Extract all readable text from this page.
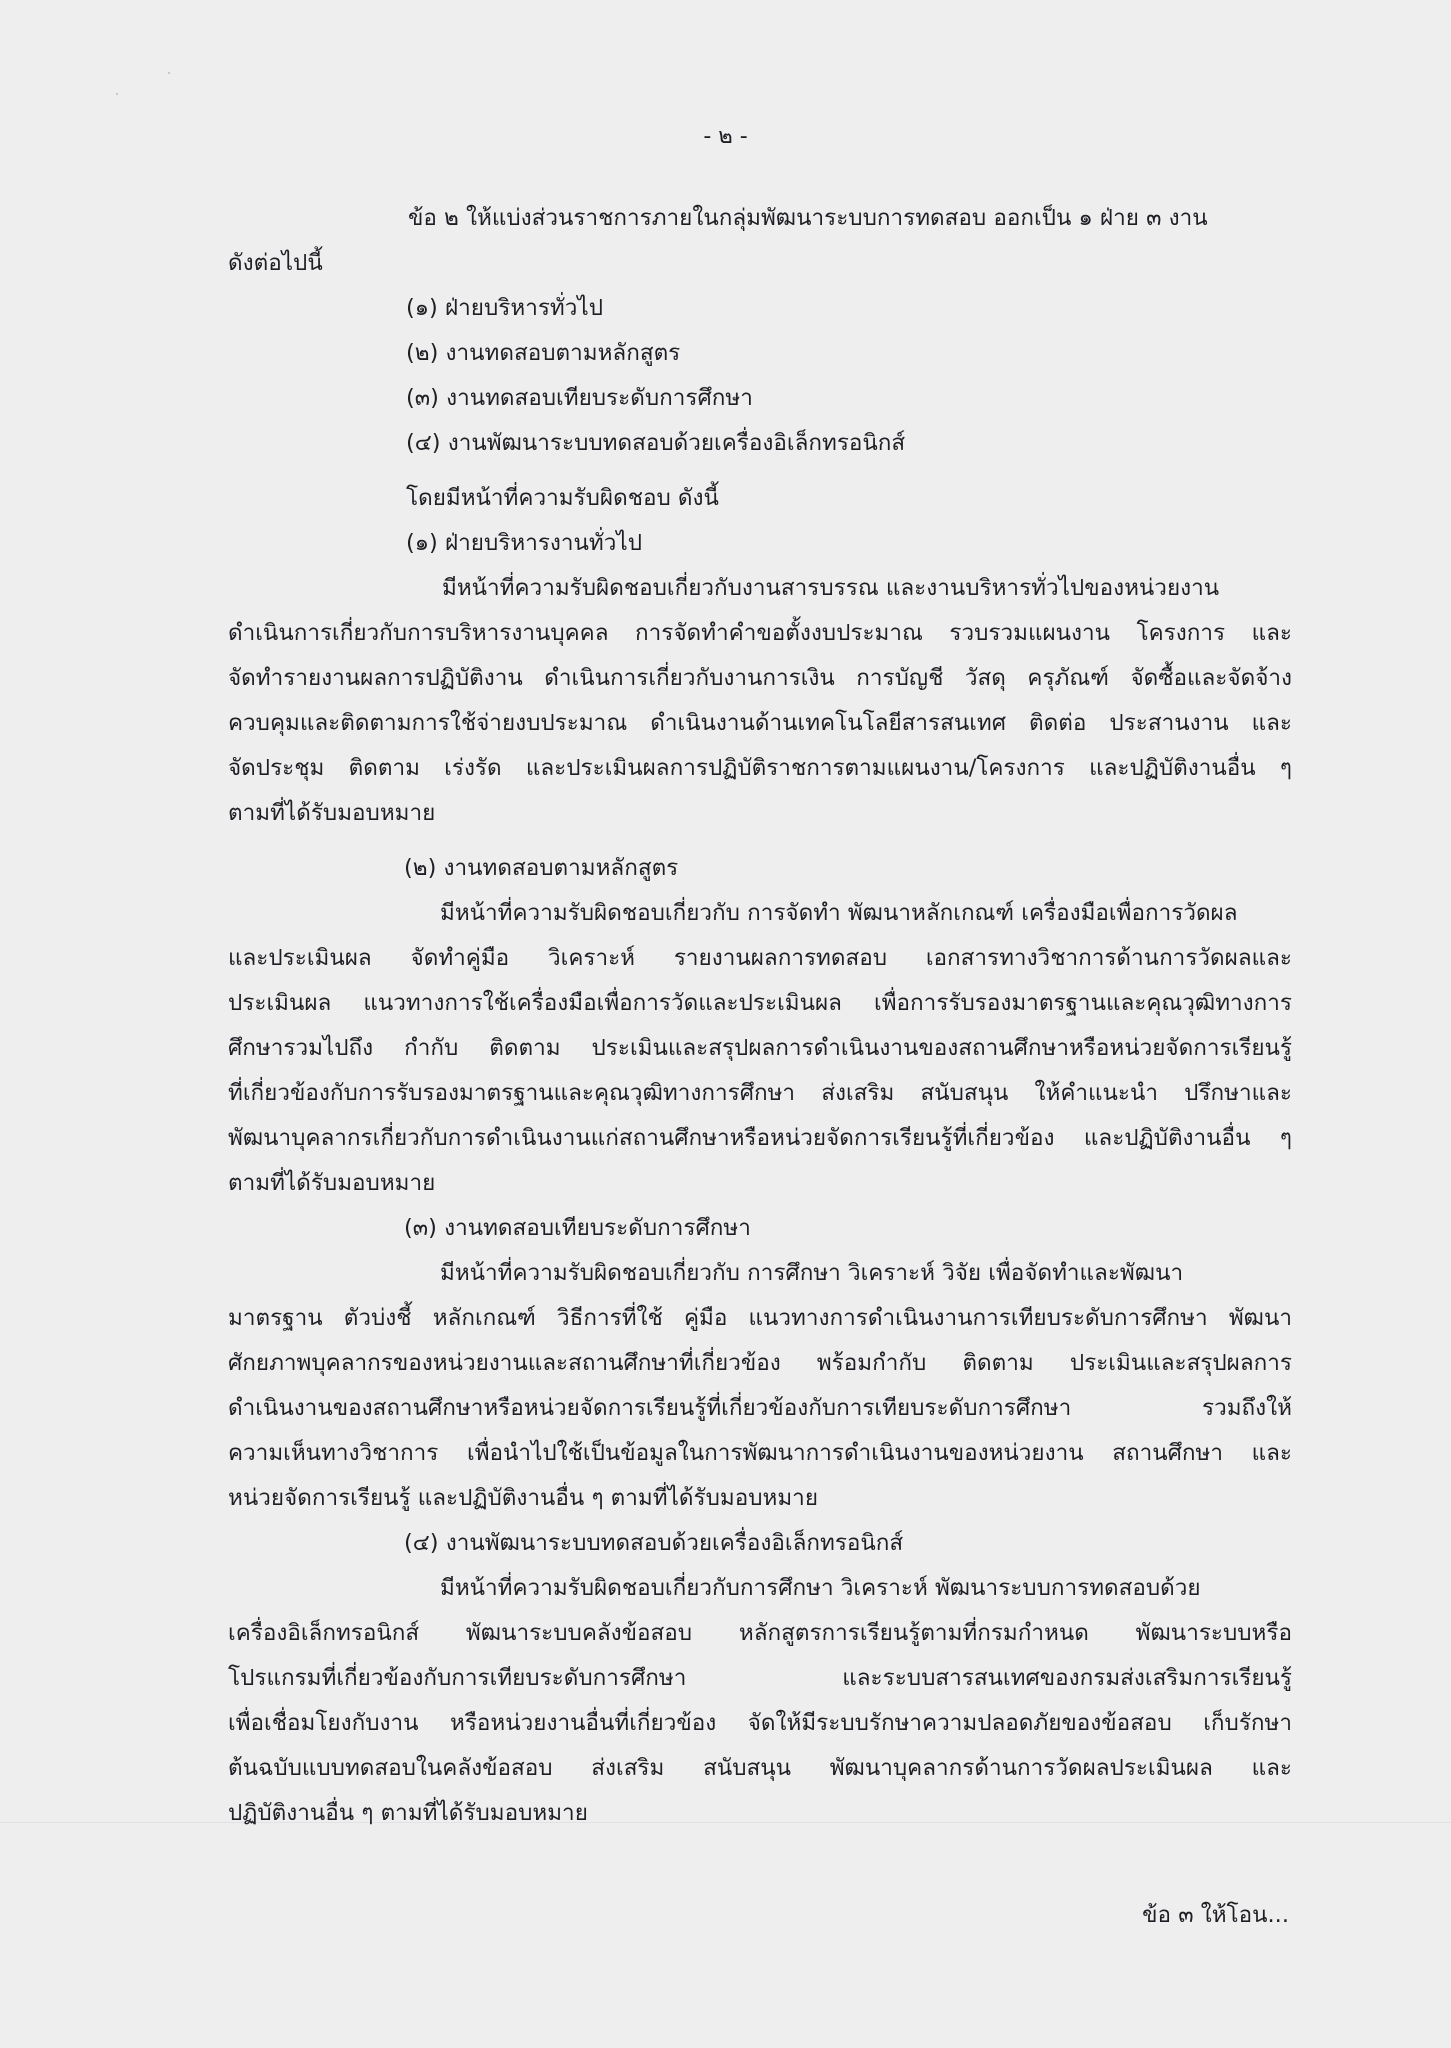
- ๒ -
ข้อ ๒ ให้แบ่งส่วนราชการภายในกลุ่มพัฒนาระบบการทดสอบ ออกเป็น ๑ ฝ่าย ๓ งาน
ดังต่อไปนี้
(๑) ฝ่ายบริหารทั่วไป
(๒) งานทดสอบตามหลักสูตร
(๓) งานทดสอบเทียบระดับการศึกษา
(๔) งานพัฒนาระบบทดสอบด้วยเครื่องอิเล็กทรอนิกส์
โดยมีหน้าที่ความรับผิดชอบ ดังนี้
(๑) ฝ่ายบริหารงานทั่วไป
มีหน้าที่ความรับผิดชอบเกี่ยวกับงานสารบรรณ และงานบริหารทั่วไปของหน่วยงาน
ดำเนินการเกี่ยวกับการบริหารงานบุคคล การจัดทำคำขอตั้งงบประมาณ รวบรวมแผนงาน โครงการ และ
จัดทำรายงานผลการปฏิบัติงาน ดำเนินการเกี่ยวกับงานการเงิน การบัญชี วัสดุ ครุภัณฑ์ จัดซื้อและจัดจ้าง
ควบคุมและติดตามการใช้จ่ายงบประมาณ ดำเนินงานด้านเทคโนโลยีสารสนเทศ ติดต่อ ประสานงาน และ
จัดประชุม ติดตาม เร่งรัด และประเมินผลการปฏิบัติราชการตามแผนงาน/โครงการ และปฏิบัติงานอื่น ๆ
ตามที่ได้รับมอบหมาย
(๒) งานทดสอบตามหลักสูตร
มีหน้าที่ความรับผิดชอบเกี่ยวกับ การจัดทำ พัฒนาหลักเกณฑ์ เครื่องมือเพื่อการวัดผล
และประเมินผล จัดทำคู่มือ วิเคราะห์ รายงานผลการทดสอบ เอกสารทางวิชาการด้านการวัดผลและ
ประเมินผล แนวทางการใช้เครื่องมือเพื่อการวัดและประเมินผล เพื่อการรับรองมาตรฐานและคุณวุฒิทางการ
ศึกษารวมไปถึง กำกับ ติดตาม ประเมินและสรุปผลการดำเนินงานของสถานศึกษาหรือหน่วยจัดการเรียนรู้
ที่เกี่ยวข้องกับการรับรองมาตรฐานและคุณวุฒิทางการศึกษา ส่งเสริม สนับสนุน ให้คำแนะนำ ปรึกษาและ
พัฒนาบุคลากรเกี่ยวกับการดำเนินงานแก่สถานศึกษาหรือหน่วยจัดการเรียนรู้ที่เกี่ยวข้อง และปฏิบัติงานอื่น ๆ
ตามที่ได้รับมอบหมาย
(๓) งานทดสอบเทียบระดับการศึกษา
มีหน้าที่ความรับผิดชอบเกี่ยวกับ การศึกษา วิเคราะห์ วิจัย เพื่อจัดทำและพัฒนา
มาตรฐาน ตัวบ่งชี้ หลักเกณฑ์ วิธีการที่ใช้ คู่มือ แนวทางการดำเนินงานการเทียบระดับการศึกษา พัฒนา
ศักยภาพบุคลากรของหน่วยงานและสถานศึกษาที่เกี่ยวข้อง พร้อมกำกับ ติดตาม ประเมินและสรุปผลการ
ดำเนินงานของสถานศึกษาหรือหน่วยจัดการเรียนรู้ที่เกี่ยวข้องกับการเทียบระดับการศึกษา รวมถึงให้
ความเห็นทางวิชาการ เพื่อนำไปใช้เป็นข้อมูลในการพัฒนาการดำเนินงานของหน่วยงาน สถานศึกษา และ
หน่วยจัดการเรียนรู้ และปฏิบัติงานอื่น ๆ ตามที่ได้รับมอบหมาย
(๔) งานพัฒนาระบบทดสอบด้วยเครื่องอิเล็กทรอนิกส์
มีหน้าที่ความรับผิดชอบเกี่ยวกับการศึกษา วิเคราะห์ พัฒนาระบบการทดสอบด้วย
เครื่องอิเล็กทรอนิกส์ พัฒนาระบบคลังข้อสอบ หลักสูตรการเรียนรู้ตามที่กรมกำหนด พัฒนาระบบหรือ
โปรแกรมที่เกี่ยวข้องกับการเทียบระดับการศึกษา และระบบสารสนเทศของกรมส่งเสริมการเรียนรู้
เพื่อเชื่อมโยงกับงาน หรือหน่วยงานอื่นที่เกี่ยวข้อง จัดให้มีระบบรักษาความปลอดภัยของข้อสอบ เก็บรักษา
ต้นฉบับแบบทดสอบในคลังข้อสอบ ส่งเสริม สนับสนุน พัฒนาบุคลากรด้านการวัดผลประเมินผล และ
ปฏิบัติงานอื่น ๆ ตามที่ได้รับมอบหมาย
ข้อ ๓ ให้โอน...
